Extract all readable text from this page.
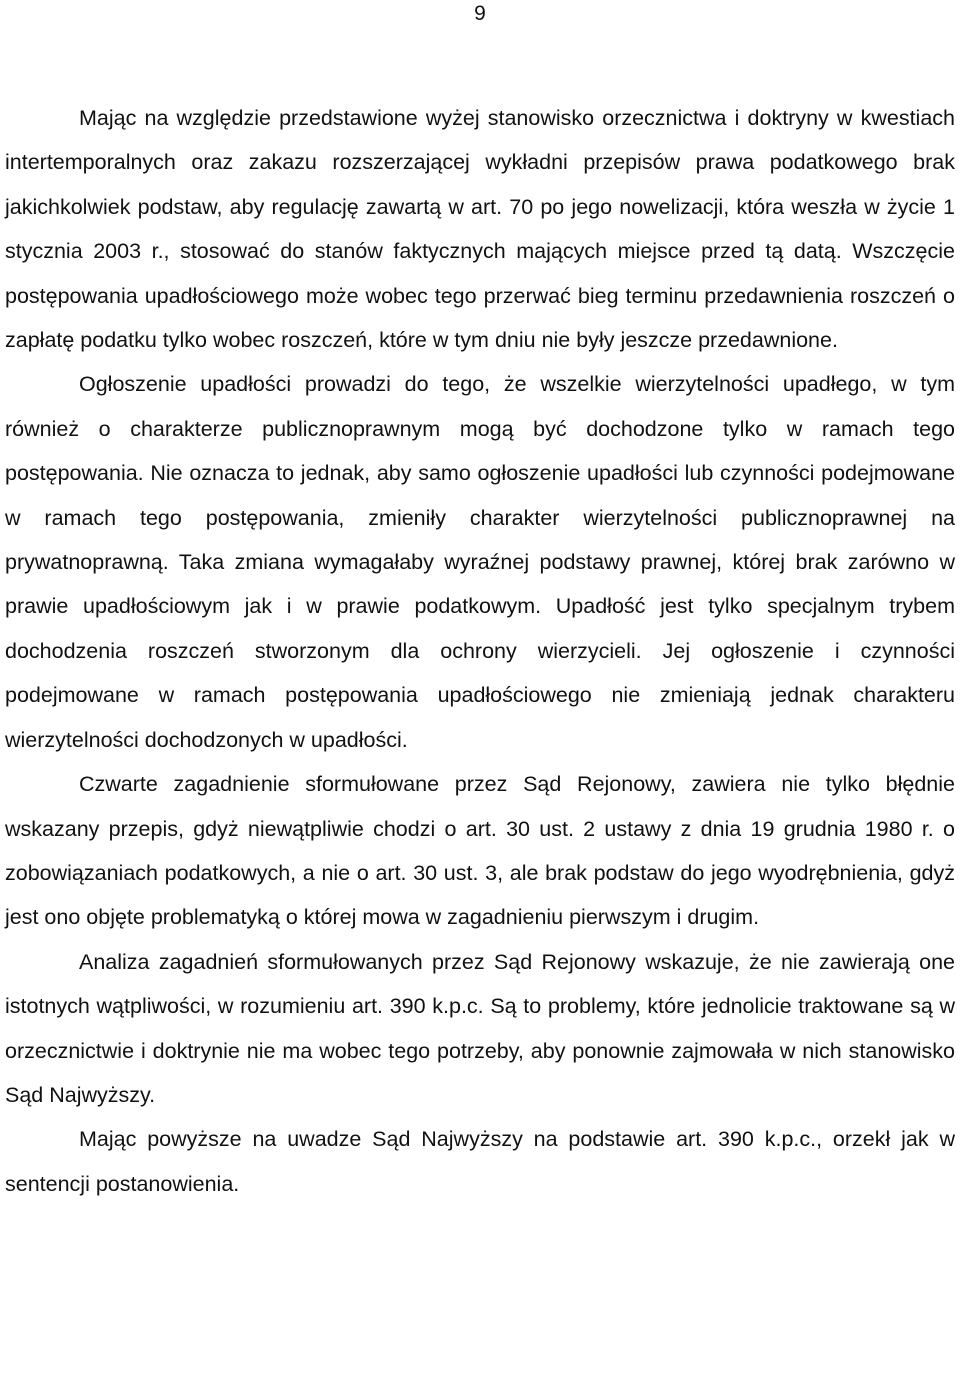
9

Mając na względzie przedstawione wyżej stanowisko orzecznictwa i doktryny w kwestiach intertemporalnych oraz zakazu rozszerzającej wykładni przepisów prawa podatkowego brak jakichkolwiek podstaw, aby regulację zawartą w art. 70 po jego nowelizacji, która weszła w życie 1 stycznia 2003 r., stosować do stanów faktycznych mających miejsce przed tą datą. Wszczęcie postępowania upadłościowego może wobec tego przerwać bieg terminu przedawnienia roszczeń o zapłatę podatku tylko wobec roszczeń, które w tym dniu nie były jeszcze przedawnione.

Ogłoszenie upadłości prowadzi do tego, że wszelkie wierzytelności upadłego, w tym również o charakterze publicznoprawnym mogą być dochodzone tylko w ramach tego postępowania. Nie oznacza to jednak, aby samo ogłoszenie upadłości lub czynności podejmowane w ramach tego postępowania, zmieniły charakter wierzytelności publicznoprawnej na prywatnoprawną. Taka zmiana wymagałaby wyraźnej podstawy prawnej, której brak zarówno w prawie upadłościowym jak i w prawie podatkowym. Upadłość jest tylko specjalnym trybem dochodzenia roszczeń stworzonym dla ochrony wierzycieli. Jej ogłoszenie i czynności podejmowane w ramach postępowania upadłościowego nie zmieniają jednak charakteru wierzytelności dochodzonych w upadłości.

Czwarte zagadnienie sformułowane przez Sąd Rejonowy, zawiera nie tylko błędnie wskazany przepis, gdyż niewątpliwie chodzi o art. 30 ust. 2 ustawy z dnia 19 grudnia 1980 r. o zobowiązaniach podatkowych, a nie o art. 30 ust. 3, ale brak podstaw do jego wyodrębnienia, gdyż jest ono objęte problematyką o której mowa w zagadnieniu pierwszym i drugim.

Analiza zagadnień sformułowanych przez Sąd Rejonowy wskazuje, że nie zawierają one istotnych wątpliwości, w rozumieniu art. 390 k.p.c. Są to problemy, które jednolicie traktowane są w orzecznictwie i doktrynie nie ma wobec tego potrzeby, aby ponownie zajmowała w nich stanowisko Sąd Najwyższy.

Mając powyższe na uwadze Sąd Najwyższy na podstawie art. 390 k.p.c., orzekł jak w sentencji postanowienia.
